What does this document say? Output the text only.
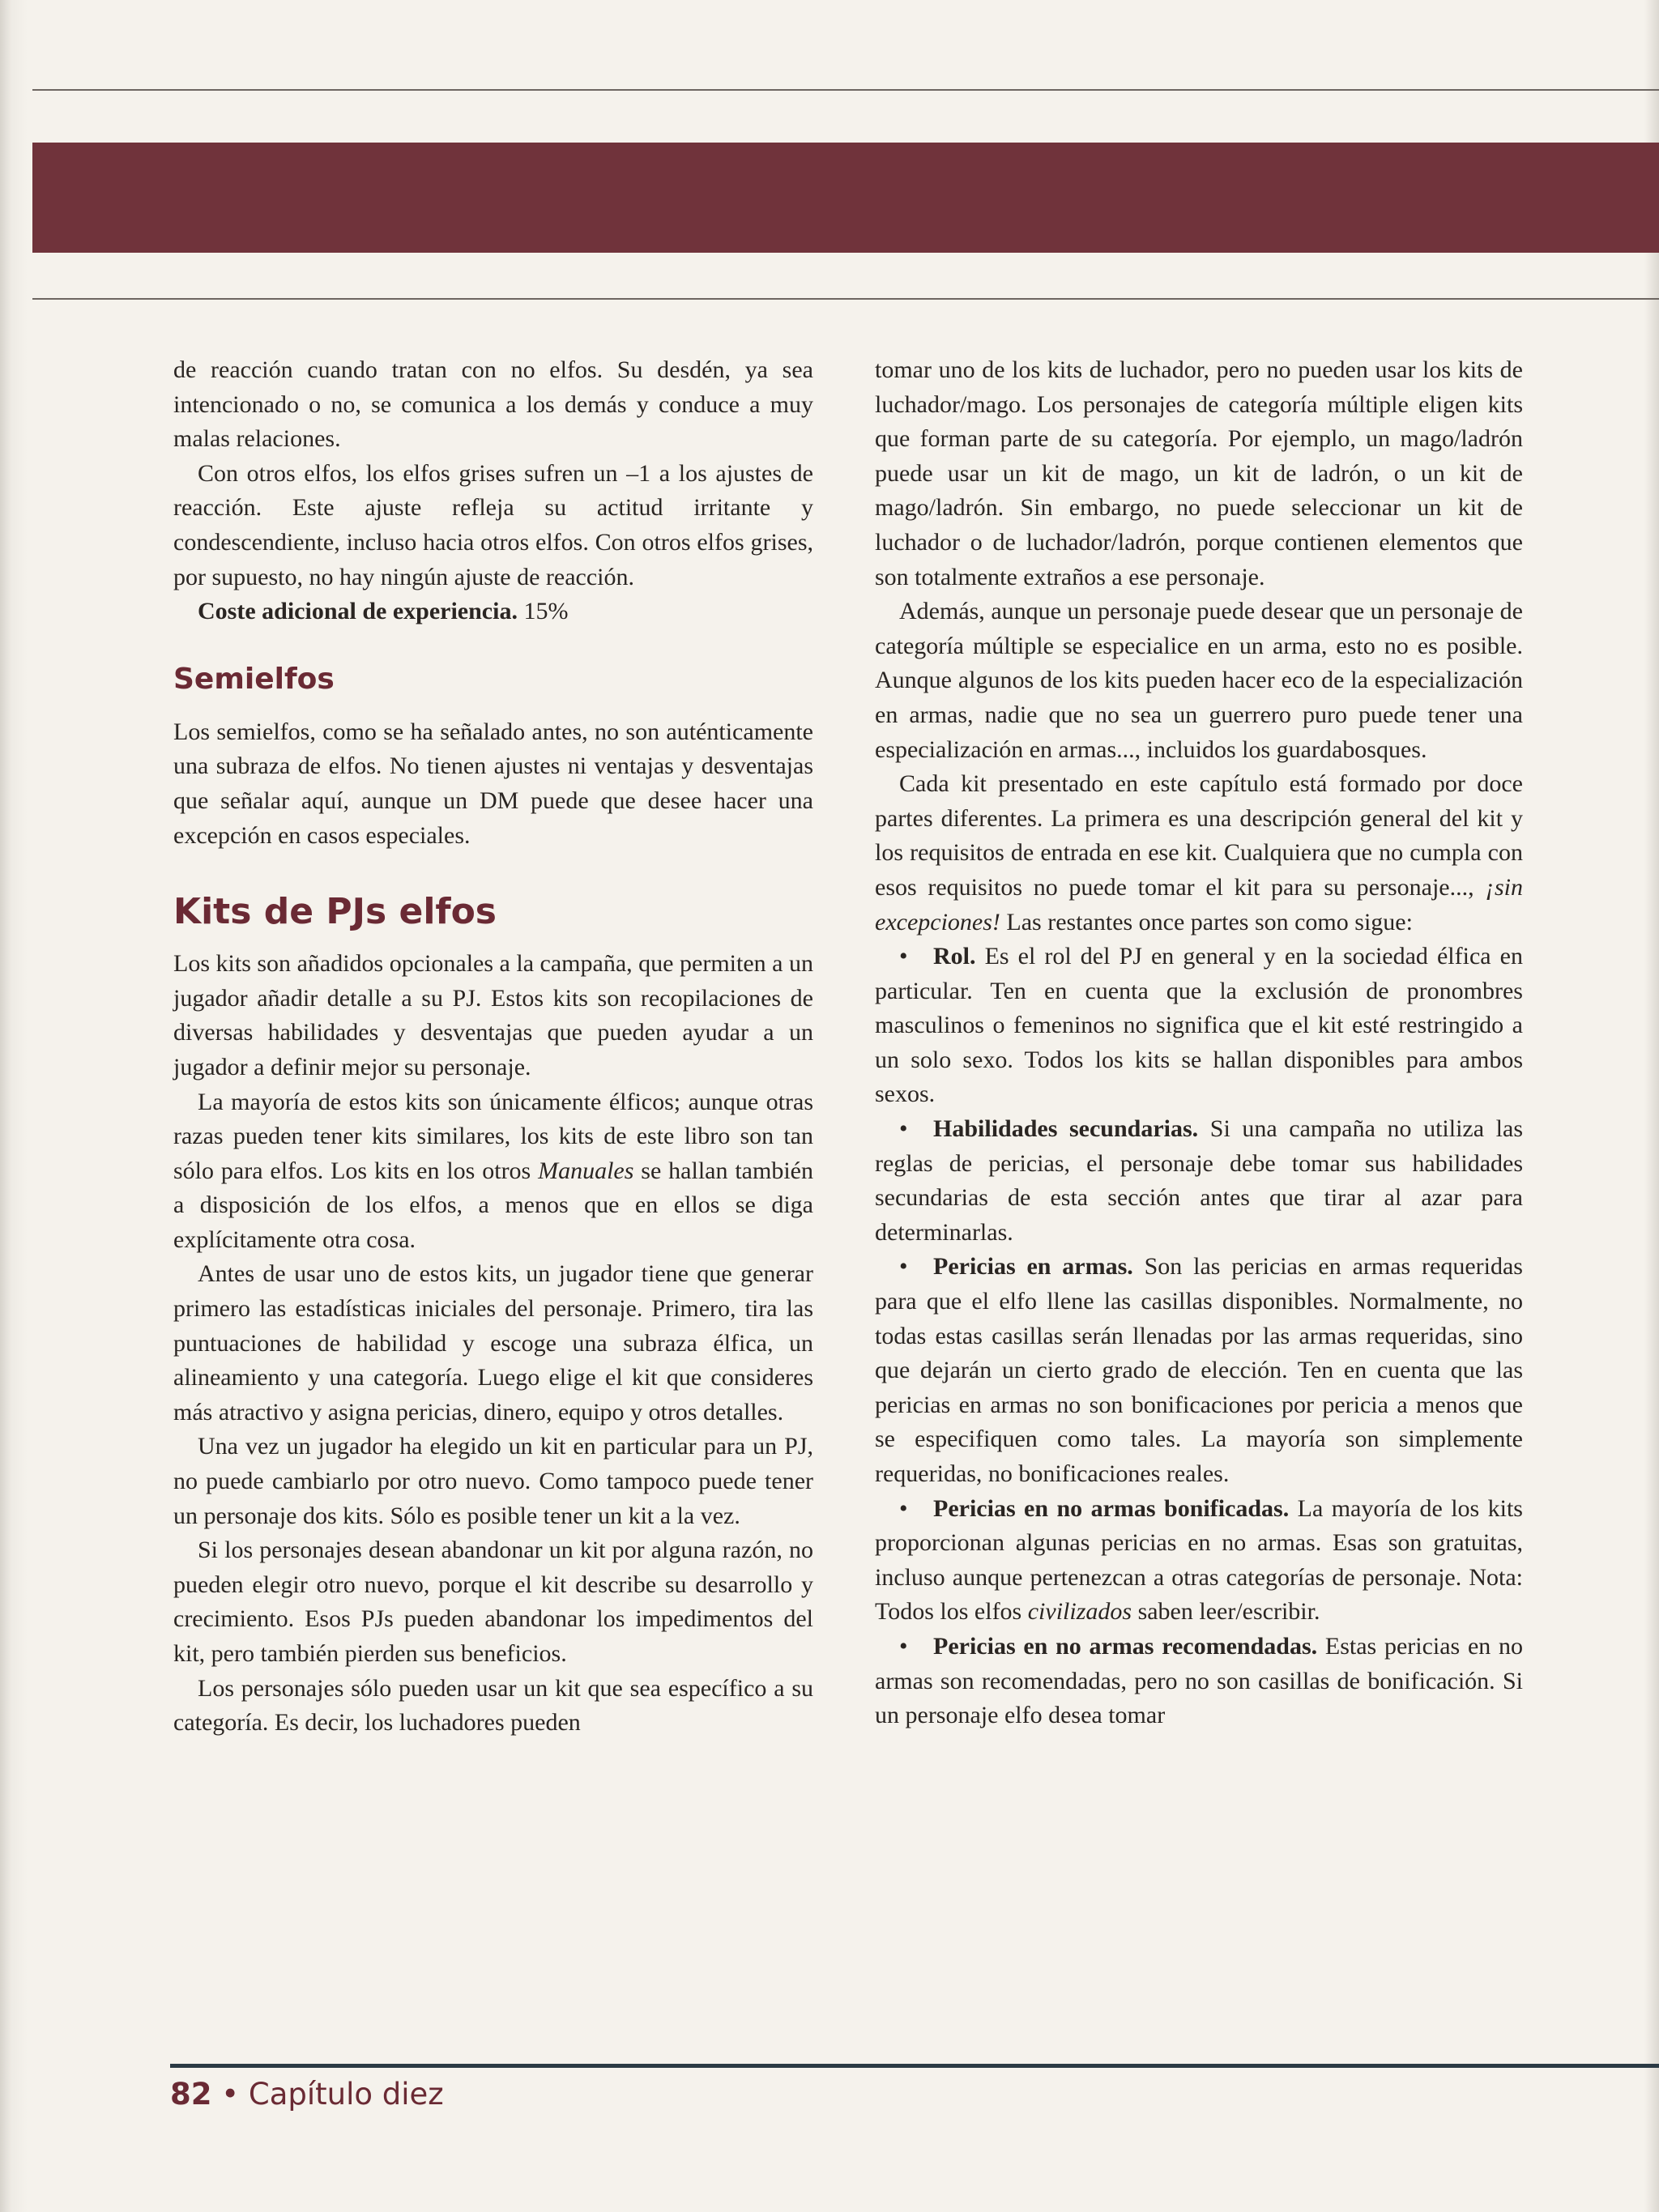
de reacción cuando tratan con no elfos. Su desdén, ya sea intencionado o no, se comunica a los demás y conduce a muy malas relaciones.

Con otros elfos, los elfos grises sufren un –1 a los ajustes de reacción. Este ajuste refleja su actitud irritante y condescendiente, incluso hacia otros elfos. Con otros elfos grises, por supuesto, no hay ningún ajuste de reacción.

Coste adicional de experiencia. 15%

Semielfos

Los semielfos, como se ha señalado antes, no son auténticamente una subraza de elfos. No tienen ajustes ni ventajas y desventajas que señalar aquí, aunque un DM puede que desee hacer una excepción en casos especiales.

Kits de PJs elfos

Los kits son añadidos opcionales a la campaña, que permiten a un jugador añadir detalle a su PJ. Estos kits son recopilaciones de diversas habilidades y desventajas que pueden ayudar a un jugador a definir mejor su personaje.

La mayoría de estos kits son únicamente élficos; aunque otras razas pueden tener kits similares, los kits de este libro son tan sólo para elfos. Los kits en los otros Manuales se hallan también a disposición de los elfos, a menos que en ellos se diga explícitamente otra cosa.

Antes de usar uno de estos kits, un jugador tiene que generar primero las estadísticas iniciales del personaje. Primero, tira las puntuaciones de habilidad y escoge una subraza élfica, un alineamiento y una categoría. Luego elige el kit que consideres más atractivo y asigna pericias, dinero, equipo y otros detalles.

Una vez un jugador ha elegido un kit en particular para un PJ, no puede cambiarlo por otro nuevo. Como tampoco puede tener un personaje dos kits. Sólo es posible tener un kit a la vez.

Si los personajes desean abandonar un kit por alguna razón, no pueden elegir otro nuevo, porque el kit describe su desarrollo y crecimiento. Esos PJs pueden abandonar los impedimentos del kit, pero también pierden sus beneficios.

Los personajes sólo pueden usar un kit que sea específico a su categoría. Es decir, los luchadores pueden

tomar uno de los kits de luchador, pero no pueden usar los kits de luchador/mago. Los personajes de categoría múltiple eligen kits que forman parte de su categoría. Por ejemplo, un mago/ladrón puede usar un kit de mago, un kit de ladrón, o un kit de mago/ladrón. Sin embargo, no puede seleccionar un kit de luchador o de luchador/ladrón, porque contienen elementos que son totalmente extraños a ese personaje.

Además, aunque un personaje puede desear que un personaje de categoría múltiple se especialice en un arma, esto no es posible. Aunque algunos de los kits pueden hacer eco de la especialización en armas, nadie que no sea un guerrero puro puede tener una especialización en armas..., incluidos los guardabosques.

Cada kit presentado en este capítulo está formado por doce partes diferentes. La primera es una descripción general del kit y los requisitos de entrada en ese kit. Cualquiera que no cumpla con esos requisitos no puede tomar el kit para su personaje..., ¡sin excepciones! Las restantes once partes son como sigue:

• Rol. Es el rol del PJ en general y en la sociedad élfica en particular. Ten en cuenta que la exclusión de pronombres masculinos o femeninos no significa que el kit esté restringido a un solo sexo. Todos los kits se hallan disponibles para ambos sexos.

• Habilidades secundarias. Si una campaña no utiliza las reglas de pericias, el personaje debe tomar sus habilidades secundarias de esta sección antes que tirar al azar para determinarlas.

• Pericias en armas. Son las pericias en armas requeridas para que el elfo llene las casillas disponibles. Normalmente, no todas estas casillas serán llenadas por las armas requeridas, sino que dejarán un cierto grado de elección. Ten en cuenta que las pericias en armas no son bonificaciones por pericia a menos que se especifiquen como tales. La mayoría son simplemente requeridas, no bonificaciones reales.

• Pericias en no armas bonificadas. La mayoría de los kits proporcionan algunas pericias en no armas. Esas son gratuitas, incluso aunque pertenezcan a otras categorías de personaje. Nota: Todos los elfos civilizados saben leer/escribir.

• Pericias en no armas recomendadas. Estas pericias en no armas son recomendadas, pero no son casillas de bonificación. Si un personaje elfo desea tomar

82 • Capítulo diez
